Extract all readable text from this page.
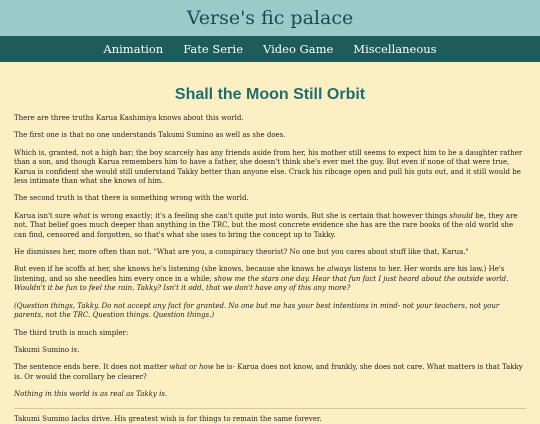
Verse's fic palace
Animation Fate Serie Video Game Miscellaneous
Shall the Moon Still Orbit

There are three truths Karua Kashimiya knows about this world.

The first one is that no one understands Takumi Sumino as well as she does.

Which is, granted, not a high bar; the boy scarcely has any friends aside from her, his mother still seems to expect him to be a daughter rather than a son, and though Karua remembers him to have a father, she doesn't think she's ever met the guy. But even if none of that were true, Karua is confident she would still understand Takky better than anyone else. Crack his ribcage open and pull his guts out, and it still would be less intimate than what she knows of him.

The second truth is that there is something wrong with the world.

Karua isn't sure what is wrong exactly; it's a feeling she can't quite put into words. But she is certain that however things should be, they are not. That belief goes much deeper than anything in the TRC, but the most concrete evidence she has are the rare books of the old world she can find, censored and forgotten, so that's what she uses to bring the concept up to Takky.

He dismisses her, more often than not. "What are you, a conspiracy theorist? No one but you cares about stuff like that, Karua."

But even if he scoffs at her, she knows he's listening (she knows, because she knows he always listens to her. Her words are his law.) He's listening, and so she needles him every once in a while; show me the stars one day. Hear that fun fact I just heard about the outside world. Wouldn't it be fun to feel the rain, Takky? Isn't it odd, that we don't have any of this any more?

(Question things, Takky. Do not accept any fact for granted. No one but me has your best intentions in mind- not your teachers, not your parents, not the TRC. Question things. Question things.)

The third truth is much simpler:

Takumi Sumino is.

The sentence ends here. It does not matter what or how he is- Karua does not know, and frankly, she does not care. What matters is that Takky is. Or would the corollary be clearer?

Nothing in this world is as real as Takky is.

Takumi Sumino lacks drive. His greatest wish is for things to remain the same forever.
